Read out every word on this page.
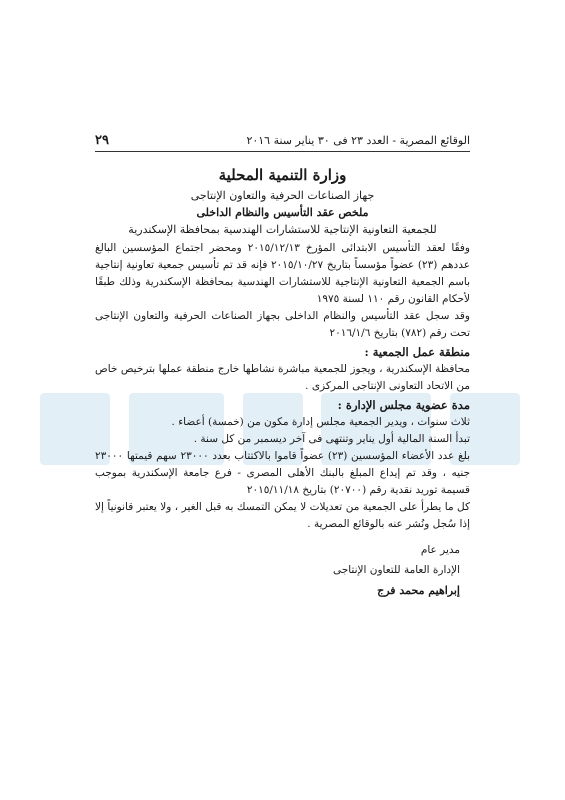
الوقائع المصرية - العدد ٢٣ فى ٣٠ يناير سنة ٢٠١٦
٢٩
وزارة التنمية المحلية
جهاز الصناعات الحرفية والتعاون الإنتاجى
ملخص عقد التأسيس والنظام الداخلى
للجمعية التعاونية الإنتاجية للاستشارات الهندسية بمحافظة الإسكندرية

وفقًا لعقد التأسيس الابتدائى المؤرخ ٢٠١٥/١٢/١٣ ومحضر اجتماع المؤسسين البالغ عددهم (٢٣) عضواً مؤسساً بتاريخ ٢٠١٥/١٠/٢٧ فإنه قد تم تأسيس جمعية تعاونية إنتاجية باسم الجمعية التعاونية الإنتاجية للاستشارات الهندسية بمحافظة الإسكندرية وذلك طبقًا لأحكام القانون رقم ١١٠ لسنة ١٩٧٥

وقد سجل عقد التأسيس والنظام الداخلى بجهاز الصناعات الحرفية والتعاون الإنتاجى تحت رقم (٧٨٢) بتاريخ ٢٠١٦/١/٦

منطقة عمل الجمعية :

محافظة الإسكندرية ، ويجوز للجمعية مباشرة نشاطها خارج منطقة عملها بترخيص خاص من الاتحاد التعاونى الإنتاجى المركزى .

مدة عضوية مجلس الإدارة :

ثلاث سنوات ، ويدير الجمعية مجلس إدارة مكون من (خمسة) أعضاء .

تبدأ السنة المالية أول يناير وتنتهى فى آخر ديسمبر من كل سنة .

بلغ عدد الأعضاء المؤسسين (٢٣) عضواً قاموا بالاكتتاب بعدد ٢٣٠٠٠ سهم قيمتها ٢٣٠٠٠ جنيه ، وقد تم إيداع المبلغ بالبنك الأهلى المصرى - فرع جامعة الإسكندرية بموجب قسيمة توريد نقدية رقم (٢٠٧٠٠) بتاريخ ٢٠١٥/١١/١٨

كل ما يطرأ على الجمعية من تعديلات لا يمكن التمسك به قبل الغير ، ولا يعتبر قانونياً إلا إذا سُجل ونُشر عنه بالوقائع المصرية .

مدير عام
الإدارة العامة للتعاون الإنتاجى
إبراهيم محمد فرج
